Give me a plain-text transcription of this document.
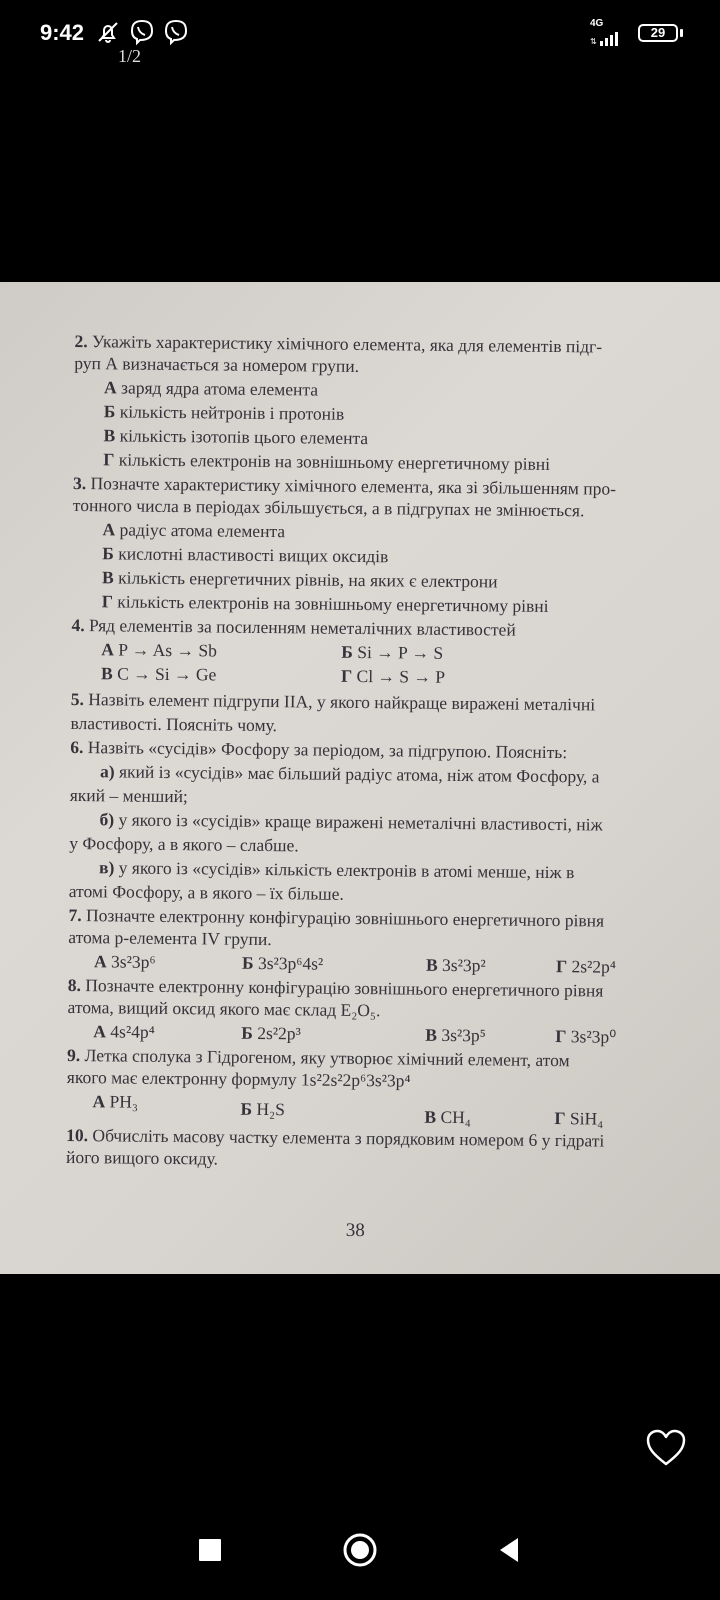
9:42	4G
⇅
29
1/2
2. Укажіть характеристику хімічного елемента, яка для елементів підг-
руп А визначається за номером групи.
А заряд ядра атома елемента
Б кількість нейтронів і протонів
В кількість ізотопів цього елемента
Г кількість електронів на зовнішньому енергетичному рівні
3. Позначте характеристику хімічного елемента, яка зі збільшенням про-
тонного числа в періодах збільшується, а в підгрупах не змінюється.
А радіус атома елемента
Б кислотні властивості вищих оксидів
В кількість енергетичних рівнів, на яких є електрони
Г кількість електронів на зовнішньому енергетичному рівні
4. Ряд елементів за посиленням неметалічних властивостей
А P → As → Sb	Б Si → P → S
В C → Si → Ge	Г Cl → S → P
5. Назвіть елемент підгрупи IIA, у якого найкраще виражені металічні
властивості. Поясніть чому.
6. Назвіть «сусідів» Фосфору за періодом, за підгрупою. Поясніть:
а) який із «сусідів» має більший радіус атома, ніж атом Фосфору, а
який – менший;
б) у якого із «сусідів» краще виражені неметалічні властивості, ніж
у Фосфору, а в якого – слабше.
в) у якого із «сусідів» кількість електронів в атомі менше, ніж в
атомі Фосфору, а в якого – їх більше.
7. Позначте електронну конфігурацію зовнішнього енергетичного рівня
атома p-елемента IV групи.
А 3s²3p⁶	Б 3s²3p⁶4s²	В 3s²3p²	Г 2s²2p⁴
8. Позначте електронну конфігурацію зовнішнього енергетичного рівня
атома, вищий оксид якого має склад E₂O₅.
А 4s²4p⁴	Б 2s²2p³	В 3s²3p⁵	Г 3s²3p⁰
9. Летка сполука з Гідрогеном, яку утворює хімічний елемент, атом
якого має електронну формулу 1s²2s²2p⁶3s²3p⁴
А PH₃	Б H₂S	В CH₄	Г SiH₄
10. Обчисліть масову частку елемента з порядковим номером 6 у гідраті
його вищого оксиду.
38
